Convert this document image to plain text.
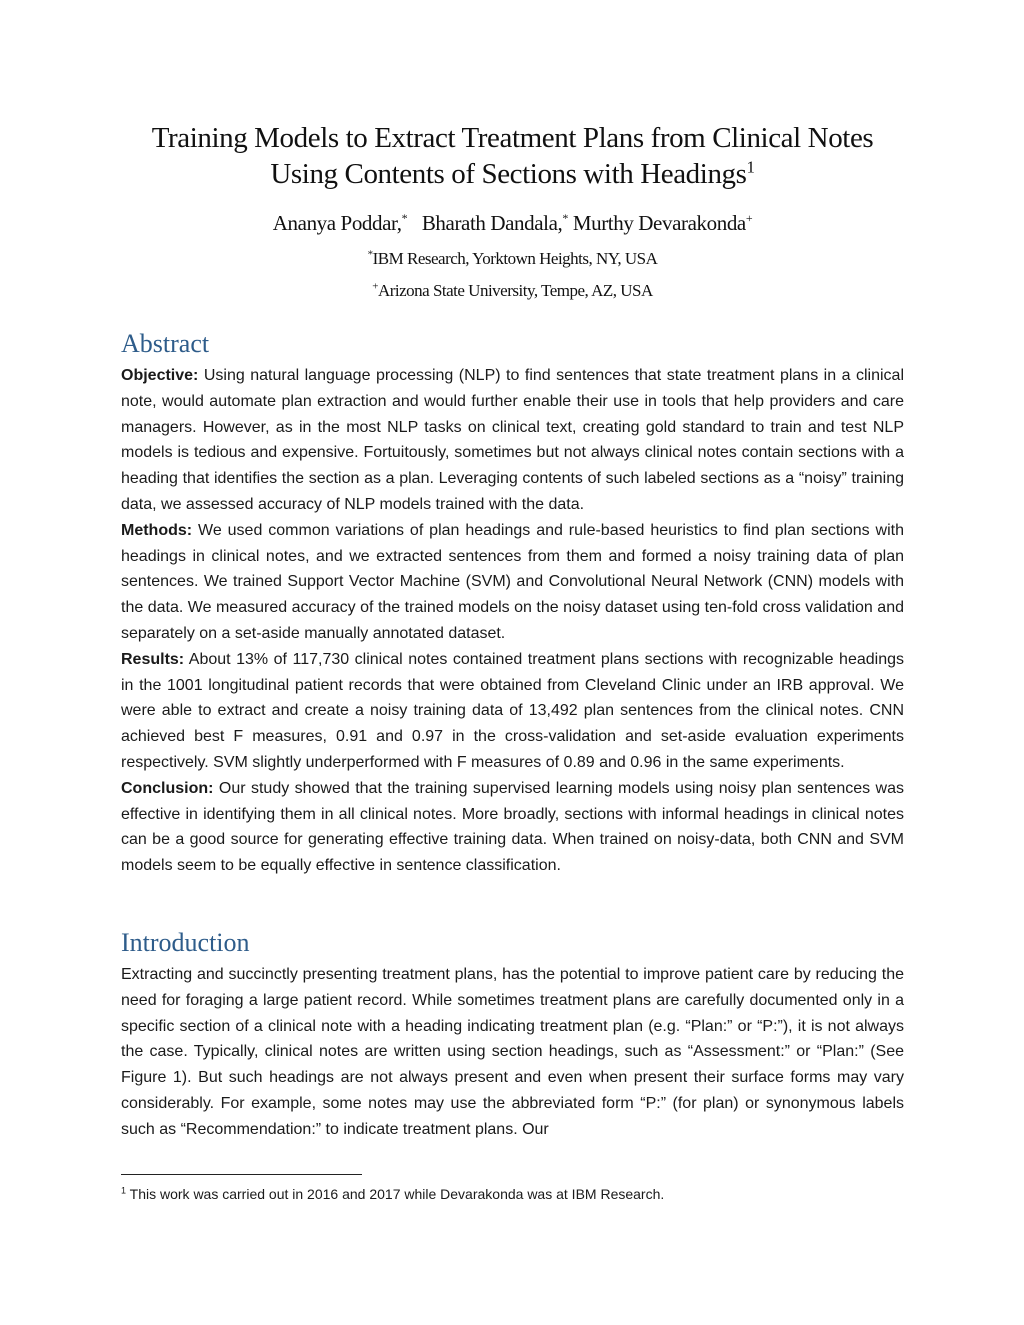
Training Models to Extract Treatment Plans from Clinical Notes
Using Contents of Sections with Headings$^1$
Ananya Poddar,* Bharath Dandala,* Murthy Devarakonda+
*IBM Research, Yorktown Heights, NY, USA
+Arizona State University, Tempe, AZ, USA
Abstract

Objective: Using natural language processing (NLP) to find sentences that state treatment plans in a clinical note, would automate plan extraction and would further enable their use in tools that help providers and care managers. However, as in the most NLP tasks on clinical text, creating gold standard to train and test NLP models is tedious and expensive. Fortuitously, sometimes but not always clinical notes contain sections with a heading that identifies the section as a plan. Leveraging contents of such labeled sections as a “noisy” training data, we assessed accuracy of NLP models trained with the data.

Methods: We used common variations of plan headings and rule-based heuristics to find plan sections with headings in clinical notes, and we extracted sentences from them and formed a noisy training data of plan sentences. We trained Support Vector Machine (SVM) and Convolutional Neural Network (CNN) models with the data. We measured accuracy of the trained models on the noisy dataset using ten-fold cross validation and separately on a set-aside manually annotated dataset.

Results: About 13% of 117,730 clinical notes contained treatment plans sections with recognizable headings in the 1001 longitudinal patient records that were obtained from Cleveland Clinic under an IRB approval. We were able to extract and create a noisy training data of 13,492 plan sentences from the clinical notes. CNN achieved best F measures, 0.91 and 0.97 in the cross-validation and set-aside evaluation experiments respectively. SVM slightly underperformed with F measures of 0.89 and 0.96 in the same experiments.

Conclusion: Our study showed that the training supervised learning models using noisy plan sentences was effective in identifying them in all clinical notes. More broadly, sections with informal headings in clinical notes can be a good source for generating effective training data. When trained on noisy-data, both CNN and SVM models seem to be equally effective in sentence classification.

Introduction

Extracting and succinctly presenting treatment plans, has the potential to improve patient care by reducing the need for foraging a large patient record. While sometimes treatment plans are carefully documented only in a specific section of a clinical note with a heading indicating treatment plan (e.g. “Plan:” or “P:”), it is not always the case. Typically, clinical notes are written using section headings, such as “Assessment:” or “Plan:” (See Figure 1). But such headings are not always present and even when present their surface forms may vary considerably. For example, some notes may use the abbreviated form “P:” (for plan) or synonymous labels such as “Recommendation:” to indicate treatment plans. Our

$^1$ This work was carried out in 2016 and 2017 while Devarakonda was at IBM Research.
